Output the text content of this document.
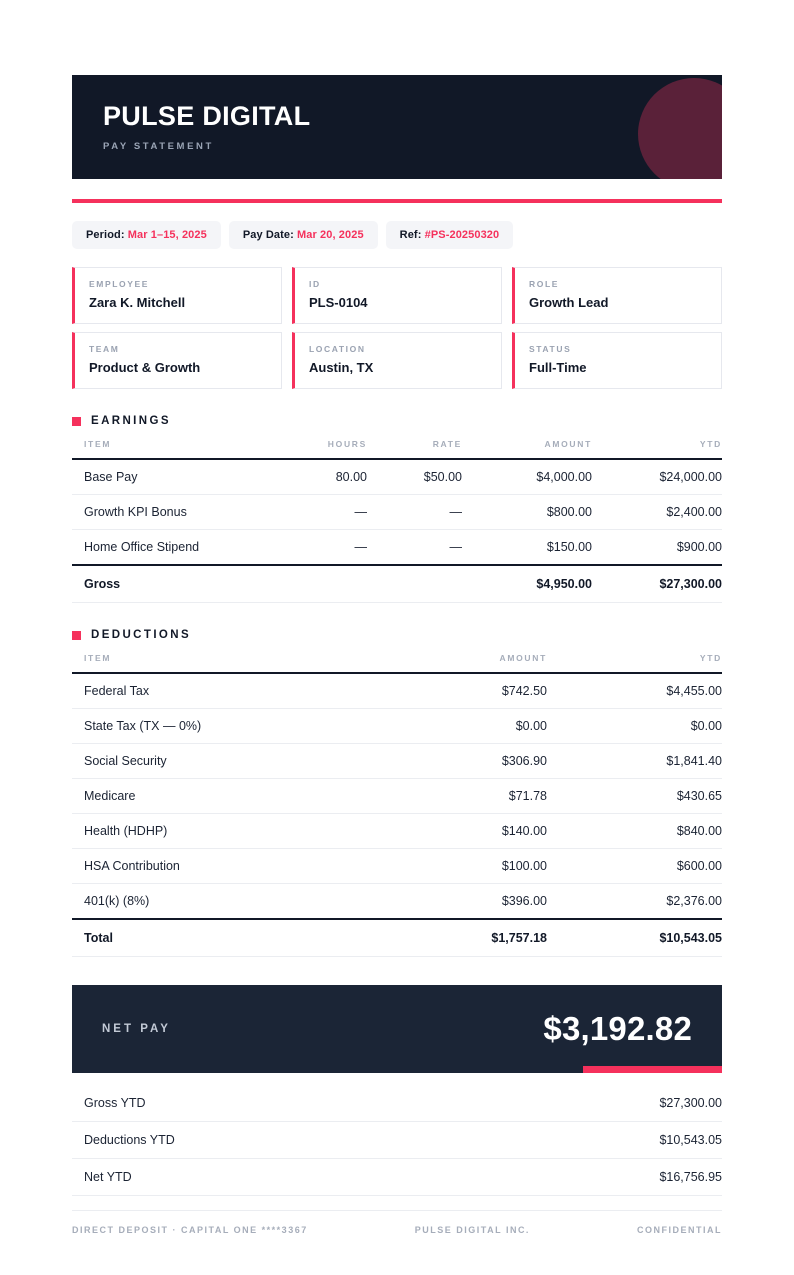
PULSE DIGITAL
PAY STATEMENT
Period: Mar 1–15, 2025	Pay Date: Mar 20, 2025	Ref: #PS-20250320
EMPLOYEE
Zara K. Mitchell
ID
PLS-0104
ROLE
Growth Lead
TEAM
Product & Growth
LOCATION
Austin, TX
STATUS
Full-Time
EARNINGS
ITEM	HOURS	RATE	AMOUNT	YTD
Base Pay	80.00	$50.00	$4,000.00	$24,000.00
Growth KPI Bonus	—	—	$800.00	$2,400.00
Home Office Stipend	—	—	$150.00	$900.00
Gross			$4,950.00	$27,300.00
DEDUCTIONS
ITEM	AMOUNT	YTD
Federal Tax	$742.50	$4,455.00
State Tax (TX — 0%)	$0.00	$0.00
Social Security	$306.90	$1,841.40
Medicare	$71.78	$430.65
Health (HDHP)	$140.00	$840.00
HSA Contribution	$100.00	$600.00
401(k) (8%)	$396.00	$2,376.00
Total	$1,757.18	$10,543.05
NET PAY	$3,192.82
Gross YTD	$27,300.00
Deductions YTD	$10,543.05
Net YTD	$16,756.95
DIRECT DEPOSIT · CAPITAL ONE ****3367	PULSE DIGITAL INC.	CONFIDENTIAL
